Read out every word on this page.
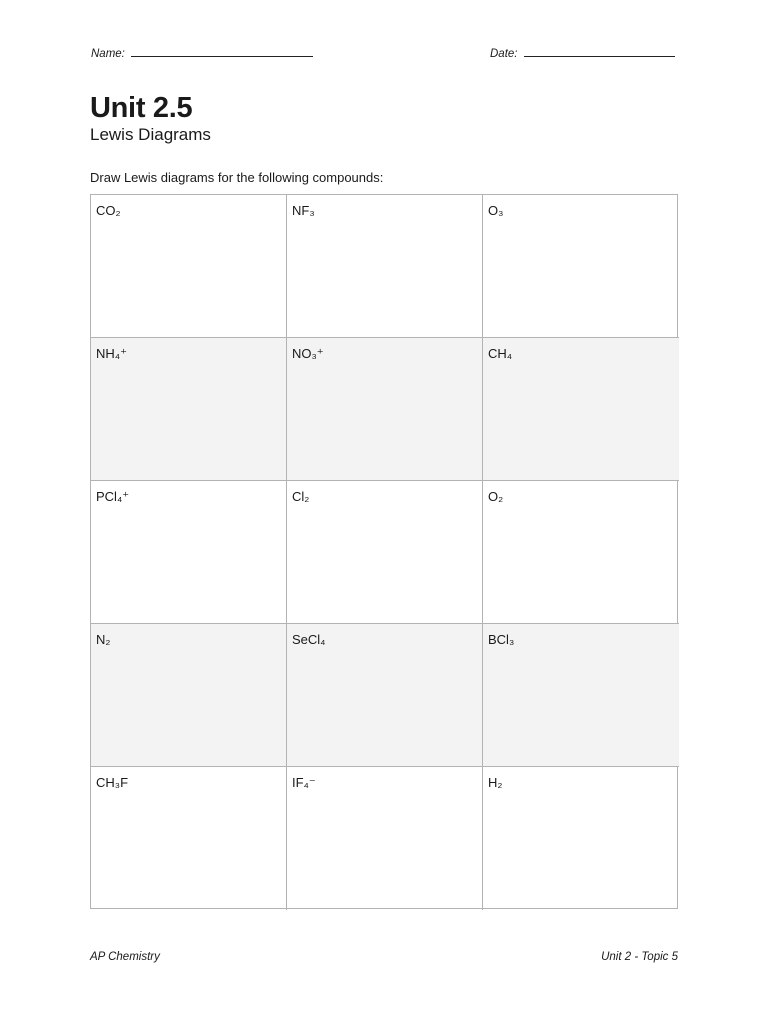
Name:	Date:
Unit 2.5
Lewis Diagrams
Draw Lewis diagrams for the following compounds:
CO₂	NF₃	O₃
NH₄⁺	NO₃⁺	CH₄
PCl₄⁺	Cl₂	O₂
N₂	SeCl₄	BCl₃
CH₃F	IF₄⁻	H₂
AP Chemistry	Unit 2 - Topic 5
